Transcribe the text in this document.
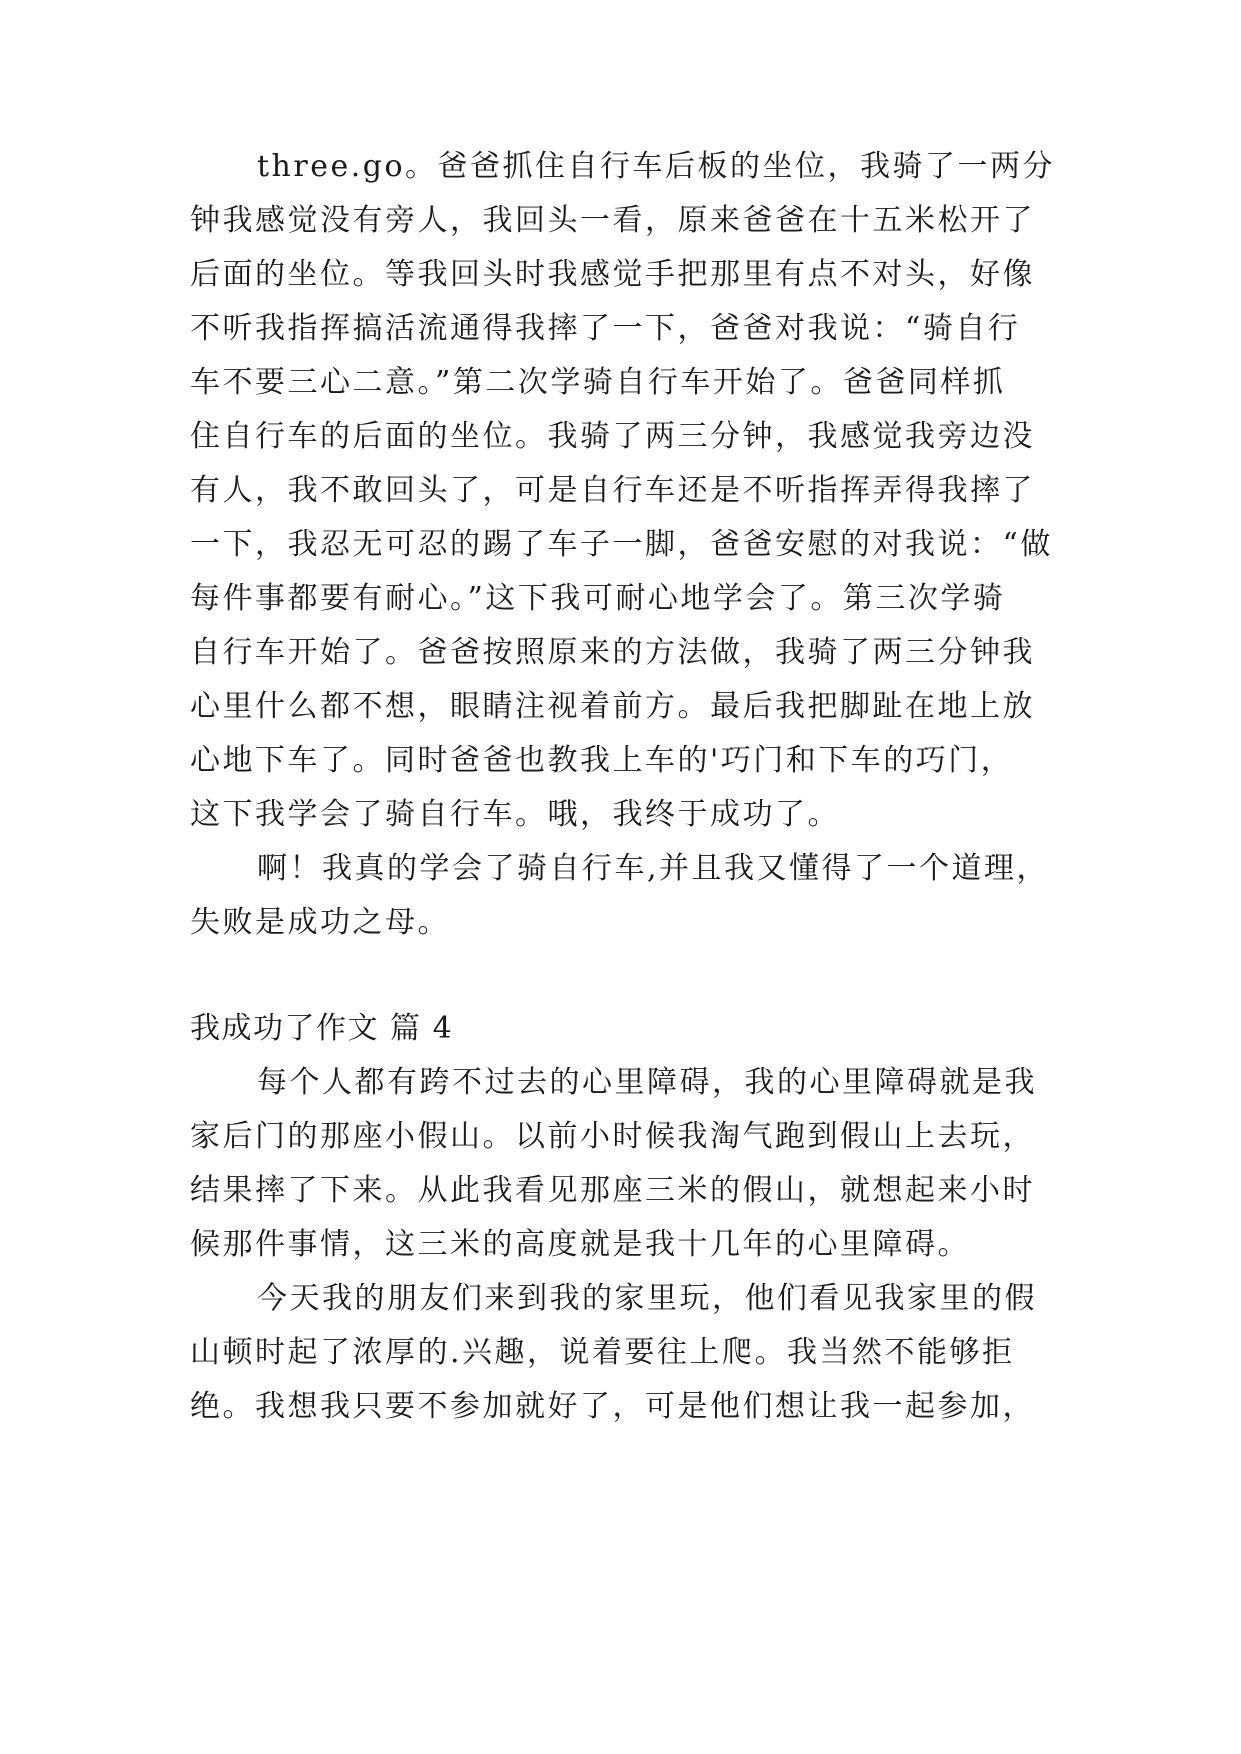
three.go。爸爸抓住自行车后板的坐位，我骑了一两分

钟我感觉没有旁人，我回头一看，原来爸爸在十五米松开了

后面的坐位。等我回头时我感觉手把那里有点不对头，好像

不听我指挥搞活流通得我摔了一下，爸爸对我说：“骑自行

车不要三心二意。”第二次学骑自行车开始了。爸爸同样抓

住自行车的后面的坐位。我骑了两三分钟，我感觉我旁边没

有人，我不敢回头了，可是自行车还是不听指挥弄得我摔了

一下，我忍无可忍的踢了车子一脚，爸爸安慰的对我说：“做

每件事都要有耐心。”这下我可耐心地学会了。第三次学骑

自行车开始了。爸爸按照原来的方法做，我骑了两三分钟我

心里什么都不想，眼睛注视着前方。最后我把脚趾在地上放

心地下车了。同时爸爸也教我上车的'巧门和下车的巧门，

这下我学会了骑自行车。哦，我终于成功了。

啊！我真的学会了骑自行车,并且我又懂得了一个道理，

失败是成功之母。

我成功了作文 篇 4

每个人都有跨不过去的心里障碍，我的心里障碍就是我

家后门的那座小假山。以前小时候我淘气跑到假山上去玩，

结果摔了下来。从此我看见那座三米的假山，就想起来小时

候那件事情，这三米的高度就是我十几年的心里障碍。

今天我的朋友们来到我的家里玩，他们看见我家里的假

山顿时起了浓厚的.兴趣，说着要往上爬。我当然不能够拒

绝。我想我只要不参加就好了，可是他们想让我一起参加，
